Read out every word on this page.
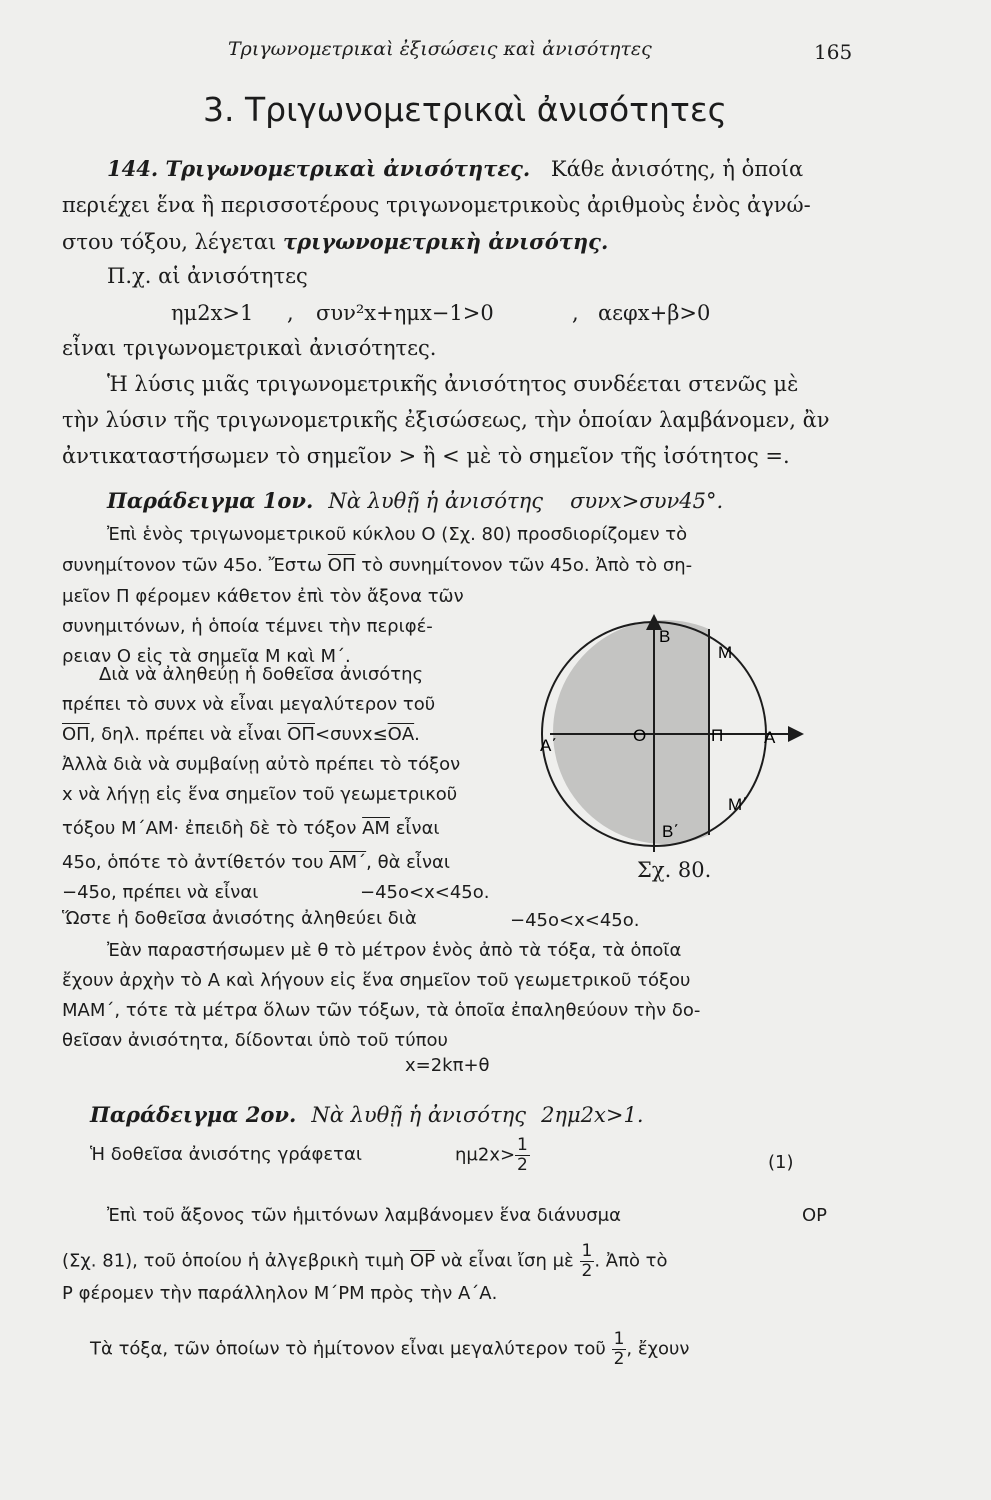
Τριγωνομετρικαὶ ἐξισώσεις καὶ ἀνισότητες	165
3. Τριγωνομετρικαὶ ἀνισότητες
144. Τριγωνομετρικαὶ ἀνισότητες. Κάθε ἀνισότης, ἡ ὁποία
περιέχει ἕνα ἢ περισσοτέρους τριγωνομετρικοὺς ἀριθμοὺς ἑνὸς ἀγνώ-
στου τόξου, λέγεται τριγωνομετρικὴ ἀνισότης.
Π.χ. αἱ ἀνισότητες
ημ2x>1 , συν²x+ημx−1>0	, αεφx+β>0
εἶναι τριγωνομετρικαὶ ἀνισότητες.
Ἡ λύσις μιᾶς τριγωνομετρικῆς ἀνισότητος συνδέεται στενῶς μὲ
τὴν λύσιν τῆς τριγωνομετρικῆς ἐξισώσεως, τὴν ὁποίαν λαμβάνομεν, ἂν
ἀντικαταστήσωμεν τὸ σημεῖον > ἢ < μὲ τὸ σημεῖον τῆς ἰσότητος =.
Παράδειγμα 1ον. Νὰ λυθῇ ἡ ἀνισότης συνx>συν45°.
Ἐπὶ ἑνὸς τριγωνομετρικοῦ κύκλου Ο (Σχ. 80) προσδιορίζομεν τὸ
συνημίτονον τῶν 45ο. Ἔστω $\overline{O\Pi}$ τὸ συνημίτονον τῶν 45ο. Ἀπὸ τὸ ση-
μεῖον Π φέρομεν κάθετον ἐπὶ τὸν ἄξονα τῶν
συνημιτόνων, ἡ ὁποία τέμνει τὴν περιφέ-
ρειαν Ο εἰς τὰ σημεῖα Μ καὶ Μ΄.
Διὰ νὰ ἀληθεύῃ ἡ δοθεῖσα ἀνισότης
πρέπει τὸ συνx νὰ εἶναι μεγαλύτερον τοῦ
$\overline{O\Pi}$, δηλ. πρέπει νὰ εἶναι $\overline{O\Pi}<\sigma\upsilon\nu x\le\overline{OA}$.
Ἀλλὰ διὰ νὰ συμβαίνῃ αὐτὸ πρέπει τὸ τόξον
x νὰ λήγῃ εἰς ἕνα σημεῖον τοῦ γεωμετρικοῦ
τόξου Μ΄ΑΜ· ἐπειδὴ δὲ τὸ τόξον $\overline{AM}$ εἶναι
45ο, ὁπότε τὸ ἀντίθετόν του $\overline{AM΄}$, θὰ εἶναι
−45ο, πρέπει νὰ εἶναι	−45ο<x<45ο.
Ὥστε ἡ δοθεῖσα ἀνισότης ἀληθεύει διὰ	−45ο<x<45ο.
Ἐὰν παραστήσωμεν μὲ θ τὸ μέτρον ἑνὸς ἀπὸ τὰ τόξα, τὰ ὁποῖα
ἔχουν ἀρχὴν τὸ Α καὶ λήγουν εἰς ἕνα σημεῖον τοῦ γεωμετρικοῦ τόξου
ΜΑΜ΄, τότε τὰ μέτρα ὅλων τῶν τόξων, τὰ ὁποῖα ἐπαληθεύουν τὴν δο-
θεῖσαν ἀνισότητα, δίδονται ὑπὸ τοῦ τύπου
x=2kπ+θ
Β
Μ
Α΄
Ο	Π Α
Μ΄
Β΄
Σχ. 80.
Παράδειγμα 2ον. Νὰ λυθῇ ἡ ἀνισότης 2ημ2x>1.
Ἡ δοθεῖσα ἀνισότης γράφεται	$\eta\mu 2x> \frac{1}{2}$	(1)
Ἐπὶ τοῦ ἄξονος τῶν ἡμιτόνων λαμβάνομεν ἕνα διάνυσμα	ΟΡ
(Σχ. 81), τοῦ ὁποίου ἡ ἀλγεβρικὴ τιμὴ $\overline{OP}$ νὰ εἶναι ἴση μὲ $\frac{1}{2}$ . Ἀπὸ τὸ
Ρ φέρομεν τὴν παράλληλον Μ΄ΡΜ πρὸς τὴν Α΄Α.
Τὰ τόξα, τῶν ὁποίων τὸ ἡμίτονον εἶναι μεγαλύτερον τοῦ $\frac{1}{2}$ , ἔχουν
